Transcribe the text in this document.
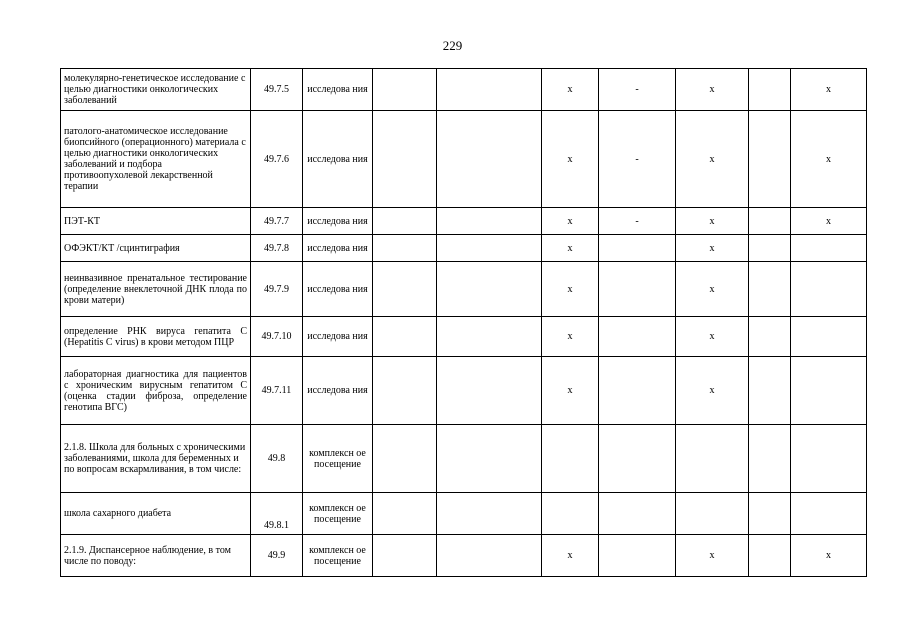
229
молекулярно-генетическое исследование с целью диагностики онкологических заболеваний	49.7.5	исследова ния			х	-	х		х
патолого-анатомическое исследование биопсийного (операционного) материала с целью диагностики онкологических заболеваний и подбора противоопухолевой лекарственной терапии	49.7.6	исследова ния			х	-	х		х
ПЭТ-КТ	49.7.7	исследова ния			х	-	х		х
ОФЭКТ/КТ /сцинтиграфия	49.7.8	исследова ния			х		х		
неинвазивное пренатальное тестирование (определение внеклеточной ДНК плода по крови матери)	49.7.9	исследова ния			х		х		
определение РНК вируса гепатита С (Hepatitis C virus) в крови методом ПЦР	49.7.10	исследова ния			х		х		
лабораторная диагностика для пациентов с хроническим вирусным гепатитом С (оценка стадии фиброза, определение генотипа ВГС)	49.7.11	исследова ния			х		х		
2.1.8. Школа для больных с хроническими заболеваниями, школа для беременных и по вопросам вскармливания, в том числе:	49.8	комплексн ое посещение							
школа сахарного диабета	49.8.1	комплексн ое посещение							
2.1.9. Диспансерное наблюдение, в том числе по поводу:	49.9	комплексн ое посещение			х		х		х
